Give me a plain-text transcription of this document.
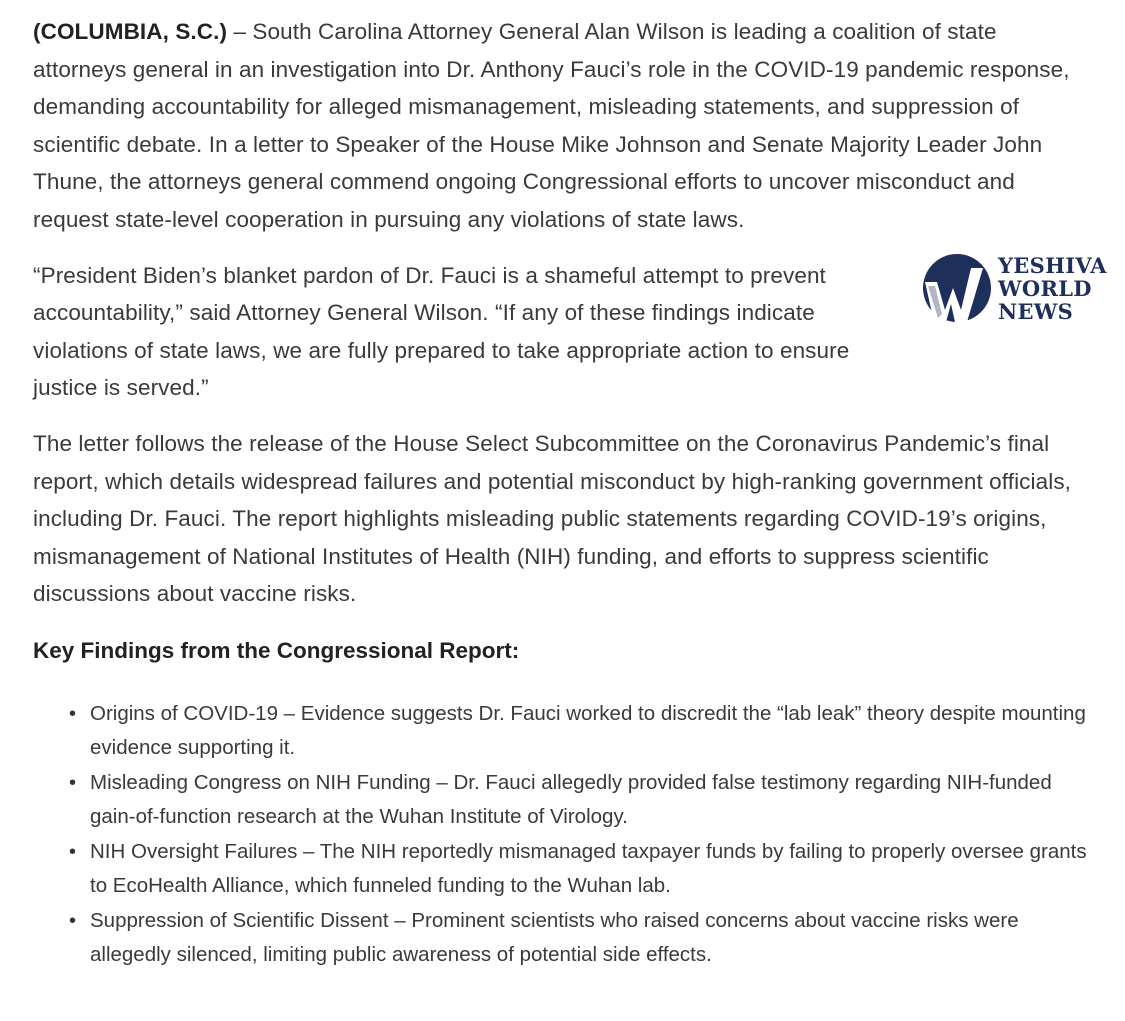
(COLUMBIA, S.C.) – South Carolina Attorney General Alan Wilson is leading a coalition of state attorneys general in an investigation into Dr. Anthony Fauci’s role in the COVID-19 pandemic response, demanding accountability for alleged mismanagement, misleading statements, and suppression of scientific debate. In a letter to Speaker of the House Mike Johnson and Senate Majority Leader John Thune, the attorneys general commend ongoing Congressional efforts to uncover misconduct and request state-level cooperation in pursuing any violations of state laws.

“President Biden’s blanket pardon of Dr. Fauci is a shameful attempt to prevent accountability,” said Attorney General Wilson. “If any of these findings indicate violations of state laws, we are fully prepared to take appropriate action to ensure justice is served.”

The letter follows the release of the House Select Subcommittee on the Coronavirus Pandemic’s final report, which details widespread failures and potential misconduct by high-ranking government officials, including Dr. Fauci. The report highlights misleading public statements regarding COVID-19’s origins, mismanagement of National Institutes of Health (NIH) funding, and efforts to suppress scientific discussions about vaccine risks.

Key Findings from the Congressional Report:
• Origins of COVID-19 – Evidence suggests Dr. Fauci worked to discredit the “lab leak” theory despite mounting evidence supporting it.
• Misleading Congress on NIH Funding – Dr. Fauci allegedly provided false testimony regarding NIH-funded gain-of-function research at the Wuhan Institute of Virology.
• NIH Oversight Failures – The NIH reportedly mismanaged taxpayer funds by failing to properly oversee grants to EcoHealth Alliance, which funneled funding to the Wuhan lab.
• Suppression of Scientific Dissent – Prominent scientists who raised concerns about vaccine risks were allegedly silenced, limiting public awareness of potential side effects.
YESHIVA
WORLD
NEWS
